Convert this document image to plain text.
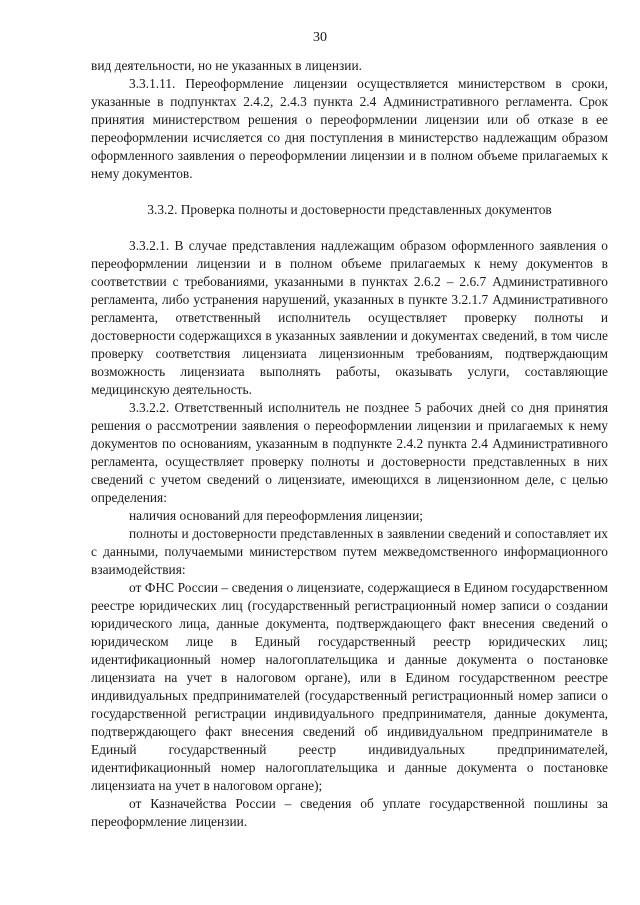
30

вид деятельности, но не указанных в лицензии.

3.3.1.11. Переоформление лицензии осуществляется министерством в сроки, указанные в подпунктах 2.4.2, 2.4.3 пункта 2.4 Административного регламента. Срок принятия министерством решения о переоформлении лицензии или об отказе в ее переоформлении исчисляется со дня поступления в министерство надлежащим образом оформленного заявления о переоформлении лицензии и в полном объеме прилагаемых к нему документов.

3.3.2. Проверка полноты и достоверности представленных документов

3.3.2.1. В случае представления надлежащим образом оформленного заявления о переоформлении лицензии и в полном объеме прилагаемых к нему документов в соответствии с требованиями, указанными в пунктах 2.6.2 – 2.6.7 Административного регламента, либо устранения нарушений, указанных в пункте 3.2.1.7 Административного регламента, ответственный исполнитель осуществляет проверку полноты и достоверности содержащихся в указанных заявлении и документах сведений, в том числе проверку соответствия лицензиата лицензионным требованиям, подтверждающим возможность лицензиата выполнять работы, оказывать услуги, составляющие медицинскую деятельность.

3.3.2.2. Ответственный исполнитель не позднее 5 рабочих дней со дня принятия решения о рассмотрении заявления о переоформлении лицензии и прилагаемых к нему документов по основаниям, указанным в подпункте 2.4.2 пункта 2.4 Административного регламента, осуществляет проверку полноты и достоверности представленных в них сведений с учетом сведений о лицензиате, имеющихся в лицензионном деле, с целью определения:

наличия оснований для переоформления лицензии;

полноты и достоверности представленных в заявлении сведений и сопоставляет их с данными, получаемыми министерством путем межведомственного информационного взаимодействия:

от ФНС России – сведения о лицензиате, содержащиеся в Едином государственном реестре юридических лиц (государственный регистрационный номер записи о создании юридического лица, данные документа, подтверждающего факт внесения сведений о юридическом лице в Единый государственный реестр юридических лиц; идентификационный номер налогоплательщика и данные документа о постановке лицензиата на учет в налоговом органе), или в Едином государственном реестре индивидуальных предпринимателей (государственный регистрационный номер записи о государственной регистрации индивидуального предпринимателя, данные документа, подтверждающего факт внесения сведений об индивидуальном предпринимателе в Единый государственный реестр индивидуальных предпринимателей, идентификационный номер налогоплательщика и данные документа о постановке лицензиата на учет в налоговом органе);

от Казначейства России – сведения об уплате государственной пошлины за переоформление лицензии.
